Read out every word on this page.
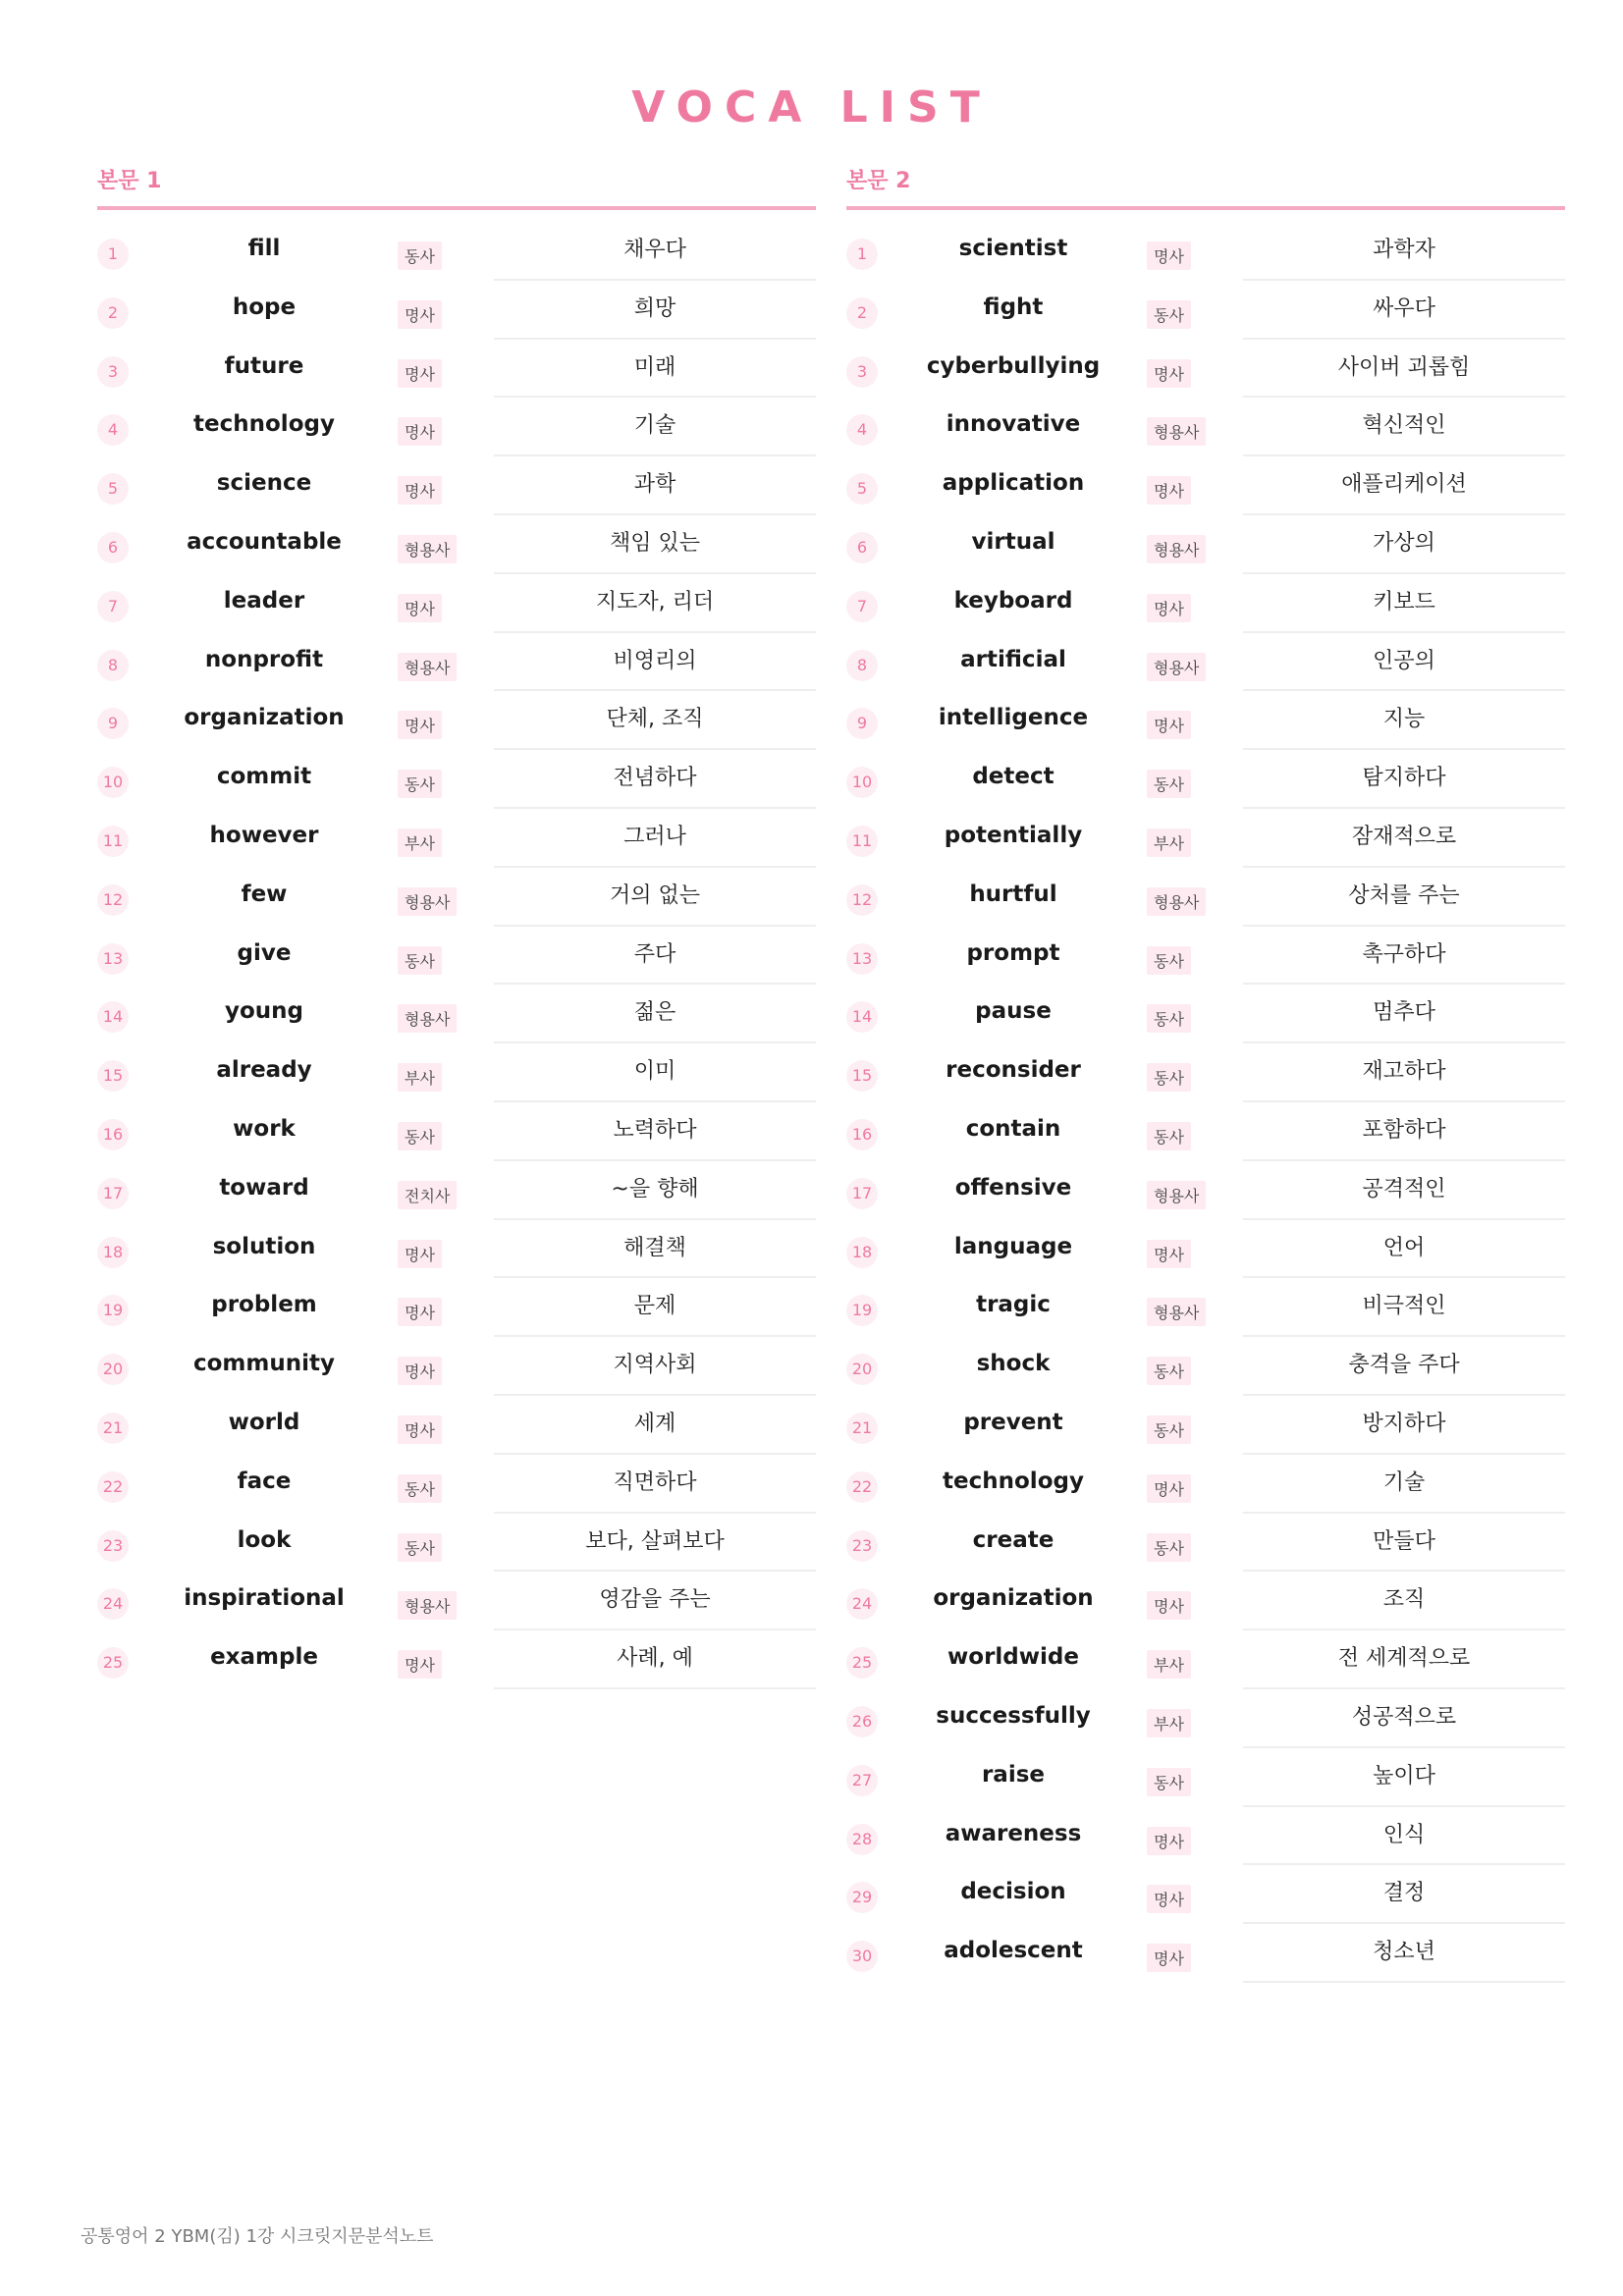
VOCA LIST
본문 1
1	fill	동사	채우다
2	hope	명사	희망
3	future	명사	미래
4	technology	명사	기술
5	science	명사	과학
6	accountable	형용사	책임 있는
7	leader	명사	지도자, 리더
8	nonprofit	형용사	비영리의
9	organization	명사	단체, 조직
10	commit	동사	전념하다
11	however	부사	그러나
12	few	형용사	거의 없는
13	give	동사	주다
14	young	형용사	젊은
15	already	부사	이미
16	work	동사	노력하다
17	toward	전치사	~을 향해
18	solution	명사	해결책
19	problem	명사	문제
20	community	명사	지역사회
21	world	명사	세계
22	face	동사	직면하다
23	look	동사	보다, 살펴보다
24	inspirational	형용사	영감을 주는
25	example	명사	사례, 예
본문 2
1	scientist	명사	과학자
2	fight	동사	싸우다
3	cyberbullying	명사	사이버 괴롭힘
4	innovative	형용사	혁신적인
5	application	명사	애플리케이션
6	virtual	형용사	가상의
7	keyboard	명사	키보드
8	artificial	형용사	인공의
9	intelligence	명사	지능
10	detect	동사	탐지하다
11	potentially	부사	잠재적으로
12	hurtful	형용사	상처를 주는
13	prompt	동사	촉구하다
14	pause	동사	멈추다
15	reconsider	동사	재고하다
16	contain	동사	포함하다
17	offensive	형용사	공격적인
18	language	명사	언어
19	tragic	형용사	비극적인
20	shock	동사	충격을 주다
21	prevent	동사	방지하다
22	technology	명사	기술
23	create	동사	만들다
24	organization	명사	조직
25	worldwide	부사	전 세계적으로
26	successfully	부사	성공적으로
27	raise	동사	높이다
28	awareness	명사	인식
29	decision	명사	결정
30	adolescent	명사	청소년
공통영어 2 YBM(김) 1강 시크릿지문분석노트
